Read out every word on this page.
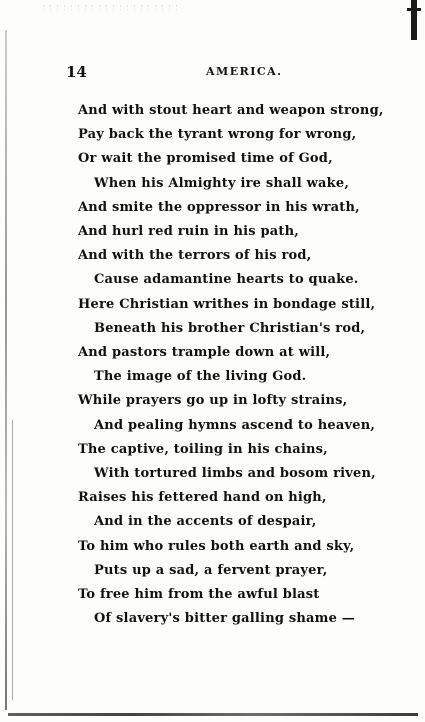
14	AMERICA.
And with stout heart and weapon strong,
Pay back the tyrant wrong for wrong,
Or wait the promised time of God,
When his Almighty ire shall wake,
And smite the oppressor in his wrath,
And hurl red ruin in his path,
And with the terrors of his rod,
Cause adamantine hearts to quake.
Here Christian writhes in bondage still,
Beneath his brother Christian's rod,
And pastors trample down at will,
The image of the living God.
While prayers go up in lofty strains,
And pealing hymns ascend to heaven,
The captive, toiling in his chains,
With tortured limbs and bosom riven,
Raises his fettered hand on high,
And in the accents of despair,
To him who rules both earth and sky,
Puts up a sad, a fervent prayer,
To free him from the awful blast
Of slavery's bitter galling shame —
